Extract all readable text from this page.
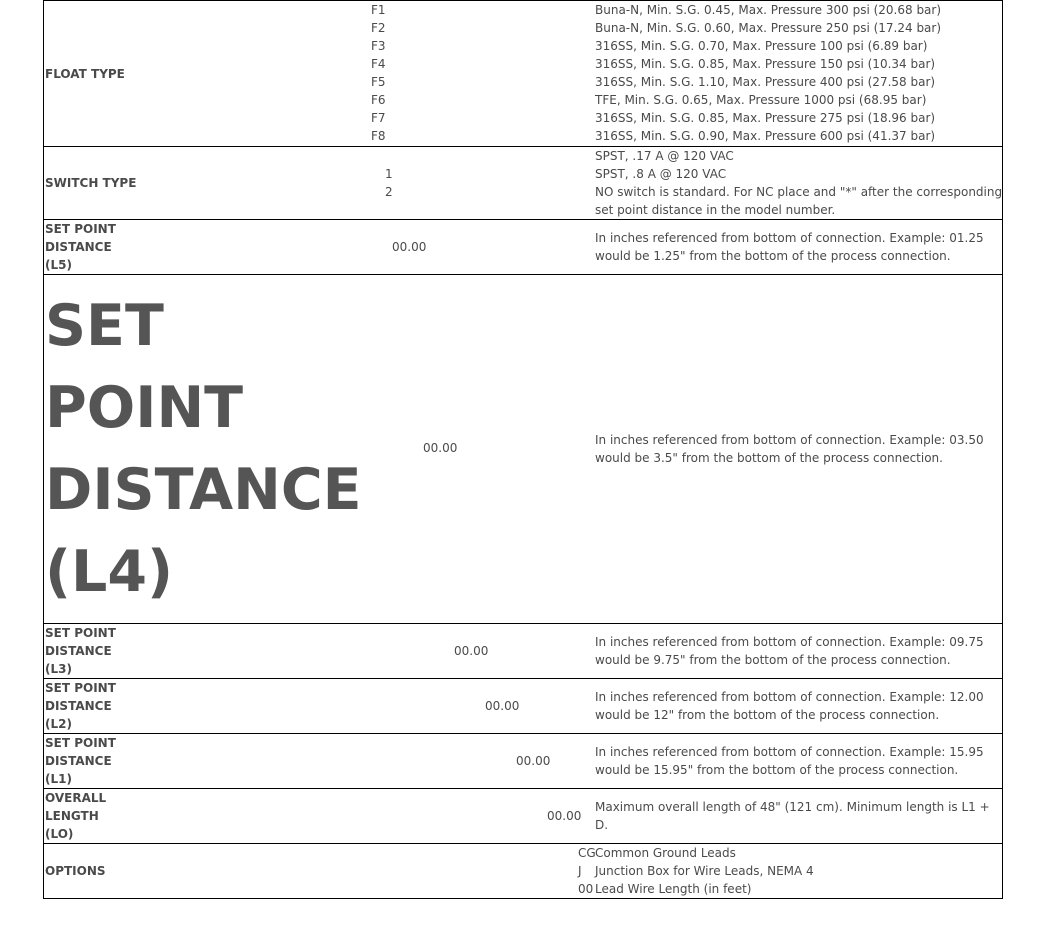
FLOAT TYPE
F1
F2
F3
F4
F5
F6
F7
F8
Buna-N, Min. S.G. 0.45, Max. Pressure 300 psi (20.68 bar)
Buna-N, Min. S.G. 0.60, Max. Pressure 250 psi (17.24 bar)
316SS, Min. S.G. 0.70, Max. Pressure 100 psi (6.89 bar)
316SS, Min. S.G. 0.85, Max. Pressure 150 psi (10.34 bar)
316SS, Min. S.G. 1.10, Max. Pressure 400 psi (27.58 bar)
TFE, Min. S.G. 0.65, Max. Pressure 1000 psi (68.95 bar)
316SS, Min. S.G. 0.85, Max. Pressure 275 psi (18.96 bar)
316SS, Min. S.G. 0.90, Max. Pressure 600 psi (41.37 bar)
SWITCH TYPE
1
2
SPST, .17 A @ 120 VAC
SPST, .8 A @ 120 VAC
NO switch is standard. For NC place and "*" after the corresponding
set point distance in the model number.
SET POINT
DISTANCE
(L5)
00.00
In inches referenced from bottom of connection. Example: 01.25
would be 1.25" from the bottom of the process connection.
SET
POINT
DISTANCE
(L4)
00.00
In inches referenced from bottom of connection. Example: 03.50
would be 3.5" from the bottom of the process connection.
SET POINT
DISTANCE
(L3)
00.00
In inches referenced from bottom of connection. Example: 09.75
would be 9.75" from the bottom of the process connection.
SET POINT
DISTANCE
(L2)
00.00
In inches referenced from bottom of connection. Example: 12.00
would be 12" from the bottom of the process connection.
SET POINT
DISTANCE
(L1)
00.00
In inches referenced from bottom of connection. Example: 15.95
would be 15.95" from the bottom of the process connection.
OVERALL
LENGTH
(LO)
00.00
Maximum overall length of 48" (121 cm). Minimum length is L1 + D.
OPTIONS
CGCommon Ground Leads
J Junction Box for Wire Leads, NEMA 4
00 Lead Wire Length (in feet)
